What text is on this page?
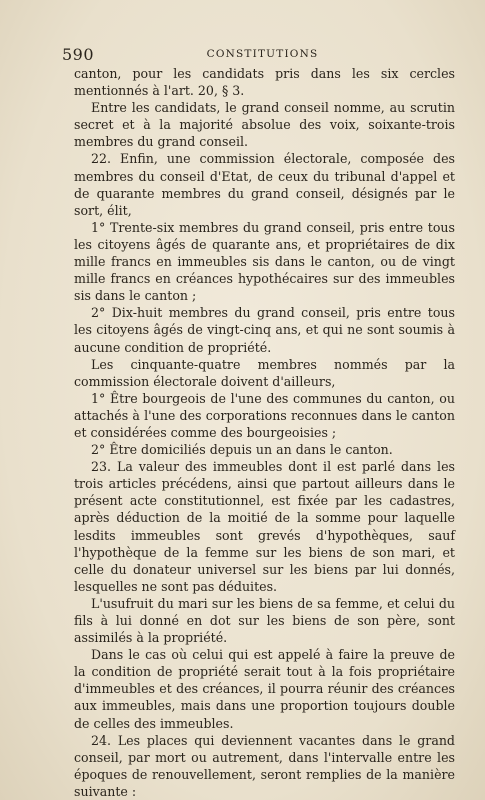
590	CONSTITUTIONS

canton, pour les candidats pris dans les six cercles mentionnés à l'art. 20, § 3.

Entre les candidats, le grand conseil nomme, au scrutin secret et à la majorité absolue des voix, soixante-trois membres du grand conseil.

22. Enfin, une commission électorale, composée des membres du conseil d'Etat, de ceux du tribunal d'appel et de quarante membres du grand conseil, désignés par le sort, élit,

1° Trente-six membres du grand conseil, pris entre tous les citoyens âgés de quarante ans, et propriétaires de dix mille francs en immeubles sis dans le canton, ou de vingt mille francs en créances hypothécaires sur des immeubles sis dans le canton ;

2° Dix-huit membres du grand conseil, pris entre tous les citoyens âgés de vingt-cinq ans, et qui ne sont soumis à aucune condition de propriété.

Les cinquante-quatre membres nommés par la commission électorale doivent d'ailleurs,

1° Être bourgeois de l'une des communes du canton, ou attachés à l'une des corporations reconnues dans le canton et considérées comme des bourgeoisies ;

2° Être domiciliés depuis un an dans le canton.

23. La valeur des immeubles dont il est parlé dans les trois articles précédens, ainsi que partout ailleurs dans le présent acte constitutionnel, est fixée par les cadastres, après déduction de la moitié de la somme pour laquelle lesdits immeubles sont grevés d'hypothèques, sauf l'hypothèque de la femme sur les biens de son mari, et celle du donateur universel sur les biens par lui donnés, lesquelles ne sont pas déduites.

L'usufruit du mari sur les biens de sa femme, et celui du fils à lui donné en dot sur les biens de son père, sont assimilés à la propriété.

Dans le cas où celui qui est appelé à faire la preuve de la condition de propriété serait tout à la fois propriétaire d'immeubles et des créances, il pourra réunir des créances aux immeubles, mais dans une proportion toujours double de celles des immeubles.

24. Les places qui deviennent vacantes dans le grand conseil, par mort ou autrement, dans l'intervalle entre les époques de renouvellement, seront remplies de la manière suivante :
